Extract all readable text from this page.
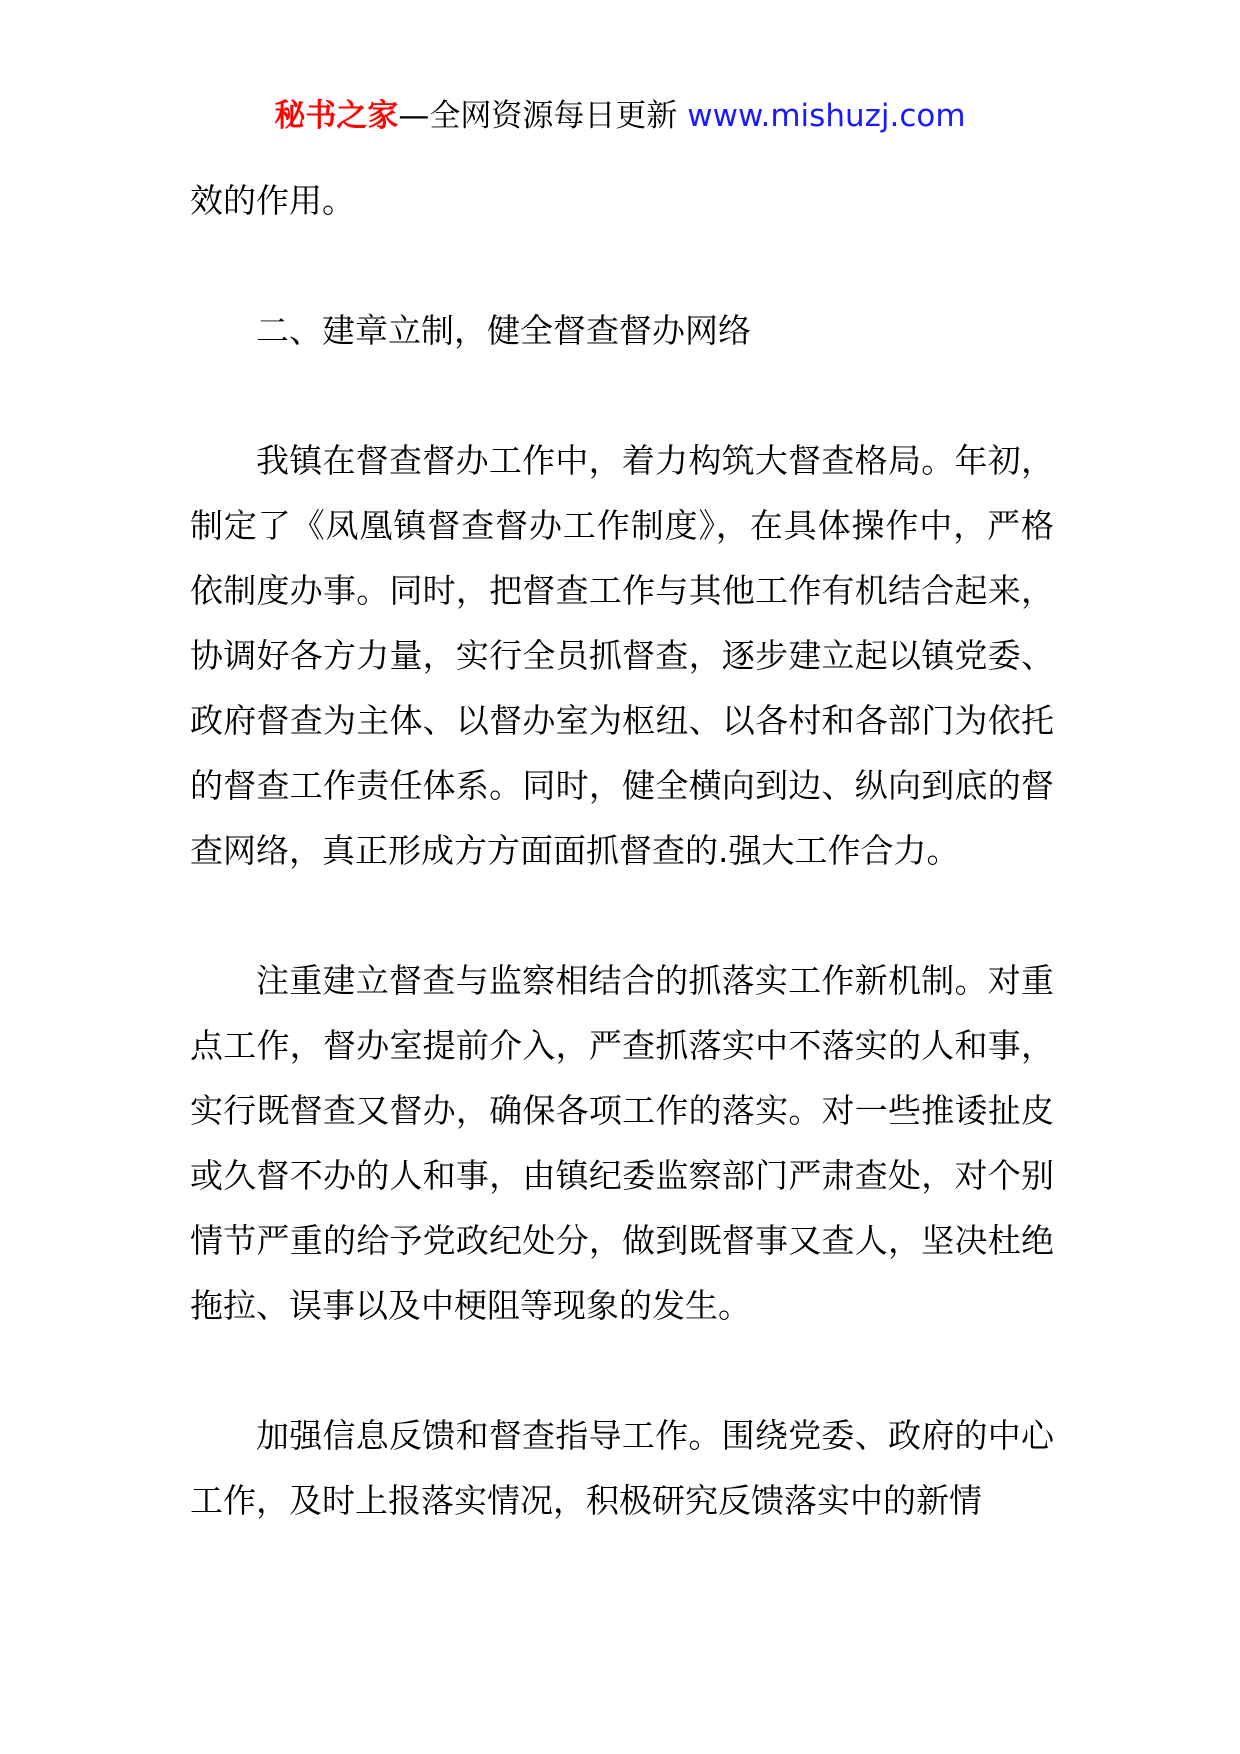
秘书之家—全网资源每日更新 www.mishuzj.com

效的作用。

二、建章立制，健全督查督办网络

我镇在督查督办工作中，着力构筑大督查格局。年初，制定了《凤凰镇督查督办工作制度》，在具体操作中，严格依制度办事。同时，把督查工作与其他工作有机结合起来，协调好各方力量，实行全员抓督查，逐步建立起以镇党委、政府督查为主体、以督办室为枢纽、以各村和各部门为依托的督查工作责任体系。同时，健全横向到边、纵向到底的督查网络，真正形成方方面面抓督查的.强大工作合力。

注重建立督查与监察相结合的抓落实工作新机制。对重点工作，督办室提前介入，严查抓落实中不落实的人和事，实行既督查又督办，确保各项工作的落实。对一些推诿扯皮或久督不办的人和事，由镇纪委监察部门严肃查处，对个别情节严重的给予党政纪处分，做到既督事又查人，坚决杜绝拖拉、误事以及中梗阻等现象的发生。

加强信息反馈和督查指导工作。围绕党委、政府的中心工作，及时上报落实情况，积极研究反馈落实中的新情
